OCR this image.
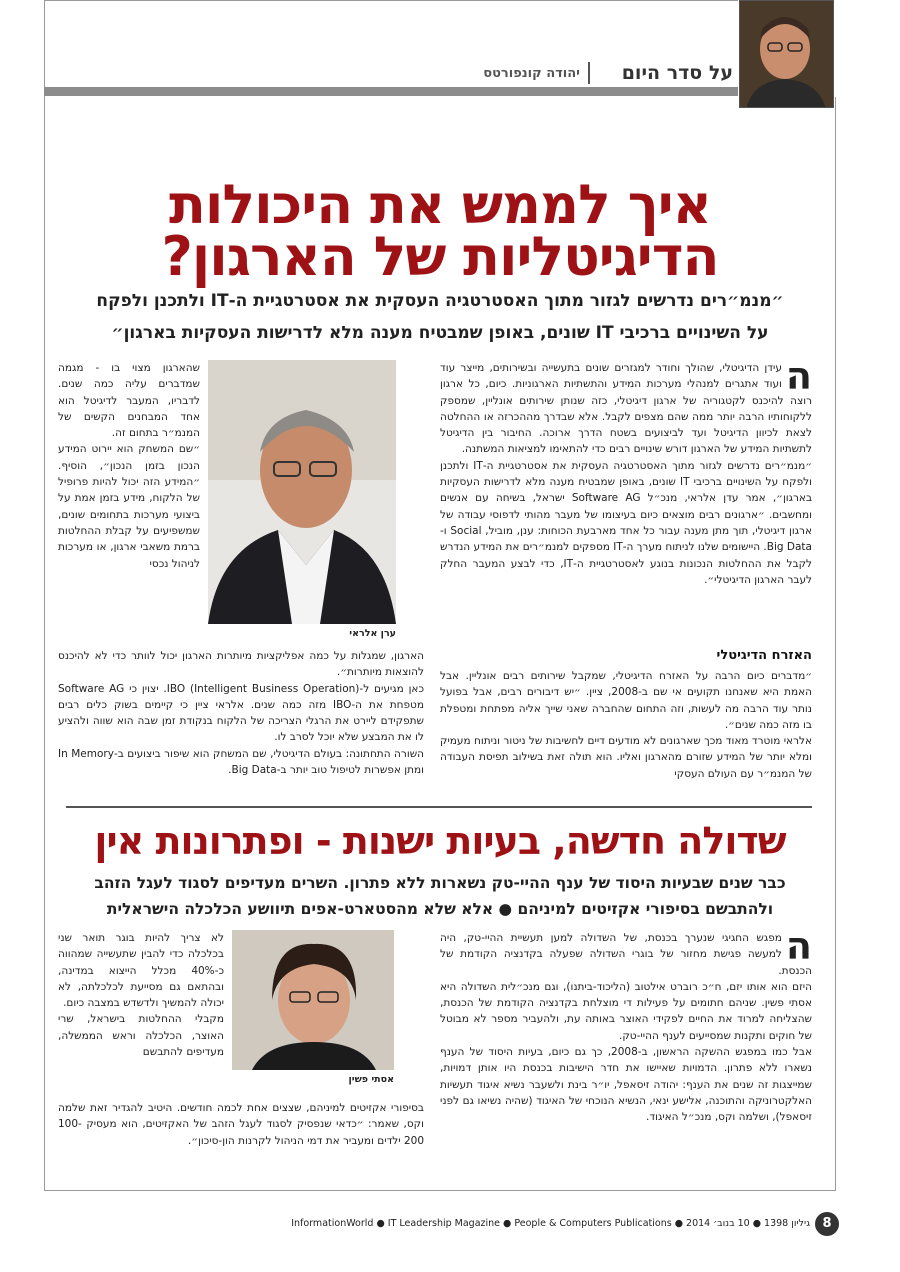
על סדר היום
יהודה קונפורטס
איך לממש את היכולות
הדיגיטליות של הארגון?
״מנמ״רים נדרשים לגזור מתוך האסטרטגיה העסקית את אסטרטגיית ה-IT ולתכנן ולפקח
על השינויים ברכיבי IT שונים, באופן שמבטיח מענה מלא לדרישות העסקיות בארגון״
ה

עידן הדיגיטלי, שהולך וחודר למגזרים שונים בתעשייה ובשירותים, מייצר עוד ועוד אתגרים למנהלי מערכות המידע והתשתיות הארגוניות. כיום, כל ארגון רוצה להיכנס לקטגוריה של ארגון דיגיטלי, כזה שנותן שירותים אונליין, שמספק ללקוחותיו הרבה יותר ממה שהם מצפים לקבל. אלא שבדרך מההכרזה או ההחלטה לצאת לכיוון הדיגיטל ועד לביצועים בשטח הדרך ארוכה. החיבור בין הדיגיטל לתשתיות המידע של הארגון דורש שינויים רבים כדי להתאימו למציאות המשתנה.

״מנמ״רים נדרשים לגזור מתוך האסטרטגיה העסקית את אסטרטגיית ה-IT ולתכנן ולפקח על השינויים ברכיבי IT שונים, באופן שמבטיח מענה מלא לדרישות העסקיות בארגון״, אמר עדן אלראי, מנכ״ל Software AG ישראל, בשיחה עם אנשים ומחשבים. ״ארגונים רבים מוצאים כיום בעיצומו של מעבר מהותי לדפוסי עבודה של ארגון דיגיטלי, תוך מתן מענה עבור כל אחד מארבעת הכוחות: ענן, מוביל, Social ו-Big Data. היישומים שלנו לניתוח מערך ה-IT מספקים למנמ״רים את המידע הנדרש לקבל את ההחלטות הנכונות בנוגע לאסטרטגיית ה-IT, כדי לבצע המעבר החלק לעבר הארגון הדיגיטלי״.

האזרח הדיגיטלי

״מדברים כיום הרבה על האזרח הדיגיטלי, שמקבל שירותים רבים אונליין. אבל האמת היא שאנחנו תקועים אי שם ב-2008, ציין. ״יש דיבורים רבים, אבל בפועל נותר עוד הרבה מה לעשות, וזה התחום שהחברה שאני שייך אליה מפתחת ומטפלת בו מזה כמה שנים״.

אלראי מוטרד מאוד מכך שארגונים לא מודעים דיים לחשיבות של ניטור וניתוח מעמיק ומלא יותר של המידע שזורם מהארגון ואליו. הוא תולה זאת בשילוב תפיסת העבודה של המנמ״ר עם העולם העסקי

ערן אלראי

שהארגון מצוי בו - מגמה שמדברים עליה כמה שנים. לדבריו, המעבר לדיגיטל הוא אחד המבחנים הקשים של המנמ״ר בתחום זה.

״שם המשחק הוא יירוט המידע הנכון בזמן הנכון״, הוסיף. ״המידע הזה יכול להיות פרופיל של הלקוח, מידע בזמן אמת על ביצועי מערכות בתחומים שונים, שמשפיעים על קבלת ההחלטות ברמת משאבי ארגון, או מערכות לניהול נכסי

הארגון, שמגלות על כמה אפליקציות מיותרות הארגון יכול לוותר כדי לא להיכנס להוצאות מיותרות״.

כאן מגיעים ל-IBO (Intelligent Business Operation). יצוין כי Software AG מטפחת את ה-IBO מזה כמה שנים. אלראי ציין כי קיימים בשוק כלים רבים שתפקידם ליירט את הרגלי הצריכה של הלקוח בנקודת זמן שבה הוא שווה ולהציע לו את המבצע שלא יוכל לסרב לו.

השורה התחתונה: בעולם הדיגיטלי, שם המשחק הוא שיפור ביצועים ב-In Memory ומתן אפשרות לטיפול טוב יותר ב-Big Data.

שדולה חדשה, בעיות ישנות - ופתרונות אין
כבר שנים שבעיות היסוד של ענף ההיי-טק נשארות ללא פתרון. השרים מעדיפים לסגוד לעגל הזהב
ולהתבשם בסיפורי אקזיטים למיניהם ● אלא שלא מהסטארט-אפים תיוושע הכלכלה הישראלית
ה

מפגש החגיגי שנערך בכנסת, של השדולה למען תעשיית ההיי-טק, היה למעשה פגישת מחזור של בוגרי השדולה שפעלה בקדנציה הקודמת של הכנסת.

היזם הוא אותו יזם, ח״כ רוברט אילטוב (הליכוד-ביתנו), וגם מנכ״לית השדולה היא אסתי פשין. שניהם חתומים על פעילות די מוצלחת בקדנציה הקודמת של הכנסת, שהצליחה למרוד את החיים לפקידי האוצר באותה עת, ולהעביר מספר לא מבוטל של חוקים ותקנות שמסייעים לענף ההיי-טק.

אבל כמו במפגש ההשקה הראשון, ב-2008, כך גם כיום, בעיות היסוד של הענף נשארו ללא פתרון. הדמויות שאיישו את חדר הישיבות בכנסת היו אותן דמויות, שמייצגות זה שנים את הענף: יהודה זיסאפל, יו״ר בינת ולשעבר נשיא איגוד תעשיות האלקטרוניקה והתוכנה, אלישע ינאי, הנשיא הנוכחי של האיגוד (שהיה נשיאו גם לפני זיסאפל), ושלמה וקס, מנכ״ל האיגוד.

אסתי פשין

לא צריך להיות בוגר תואר שני בכלכלה כדי להבין שתעשייה שמהווה כ-40% מכלל הייצוא במדינה, ובהתאם גם מסייעת לכלכלתה, לא יכולה להמשיך ולדשדש במצבה כיום.

מקבלי ההחלטות בישראל, שרי האוצר, הכלכלה וראש הממשלה, מעדיפים להתבשם

בסיפורי אקזיטים למיניהם, שצצים אחת לכמה חודשים. היטיב להגדיר זאת שלמה וקס, שאמר: ״כדאי שנפסיק לסגוד לעגל הזהב של האקזיטים, הוא מעסיק 100-200 ילדים ומעביר את דמי הניהול לקרנות הון-סיכון״.

8
גיליון 1398 ● 10 בנוב׳ 2014 ● InformationWorld ● IT Leadership Magazine ● People & Computers Publications
